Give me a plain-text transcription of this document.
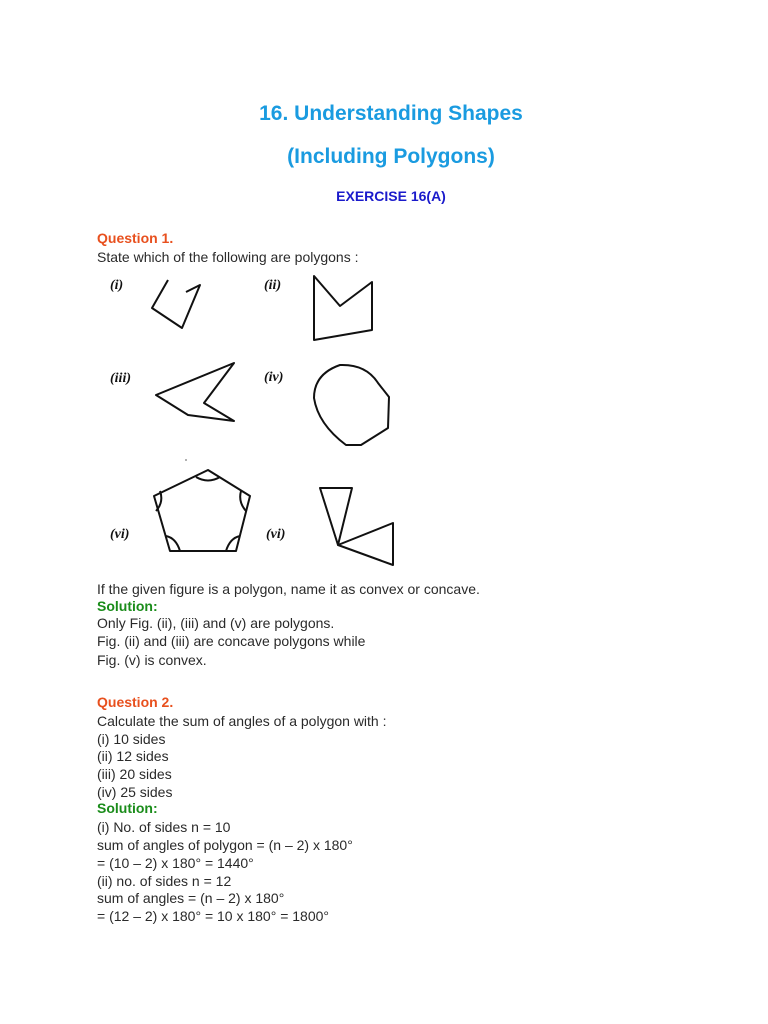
16. Understanding Shapes
(Including Polygons)
EXERCISE 16(A)
Question 1.
State which of the following are polygons :
(i)	(ii)
(iii)	(iv)
(vi)	(vi)
If the given figure is a polygon, name it as convex or concave.
Solution:
Only Fig. (ii), (iii) and (v) are polygons.
Fig. (ii) and (iii) are concave polygons while
Fig. (v) is convex.
Question 2.
Calculate the sum of angles of a polygon with :
(i) 10 sides
(ii) 12 sides
(iii) 20 sides
(iv) 25 sides
Solution:
(i) No. of sides n = 10
sum of angles of polygon = (n – 2) x 180°
= (10 – 2) x 180° = 1440°
(ii) no. of sides n = 12
sum of angles = (n – 2) x 180°
= (12 – 2) x 180° = 10 x 180° = 1800°
